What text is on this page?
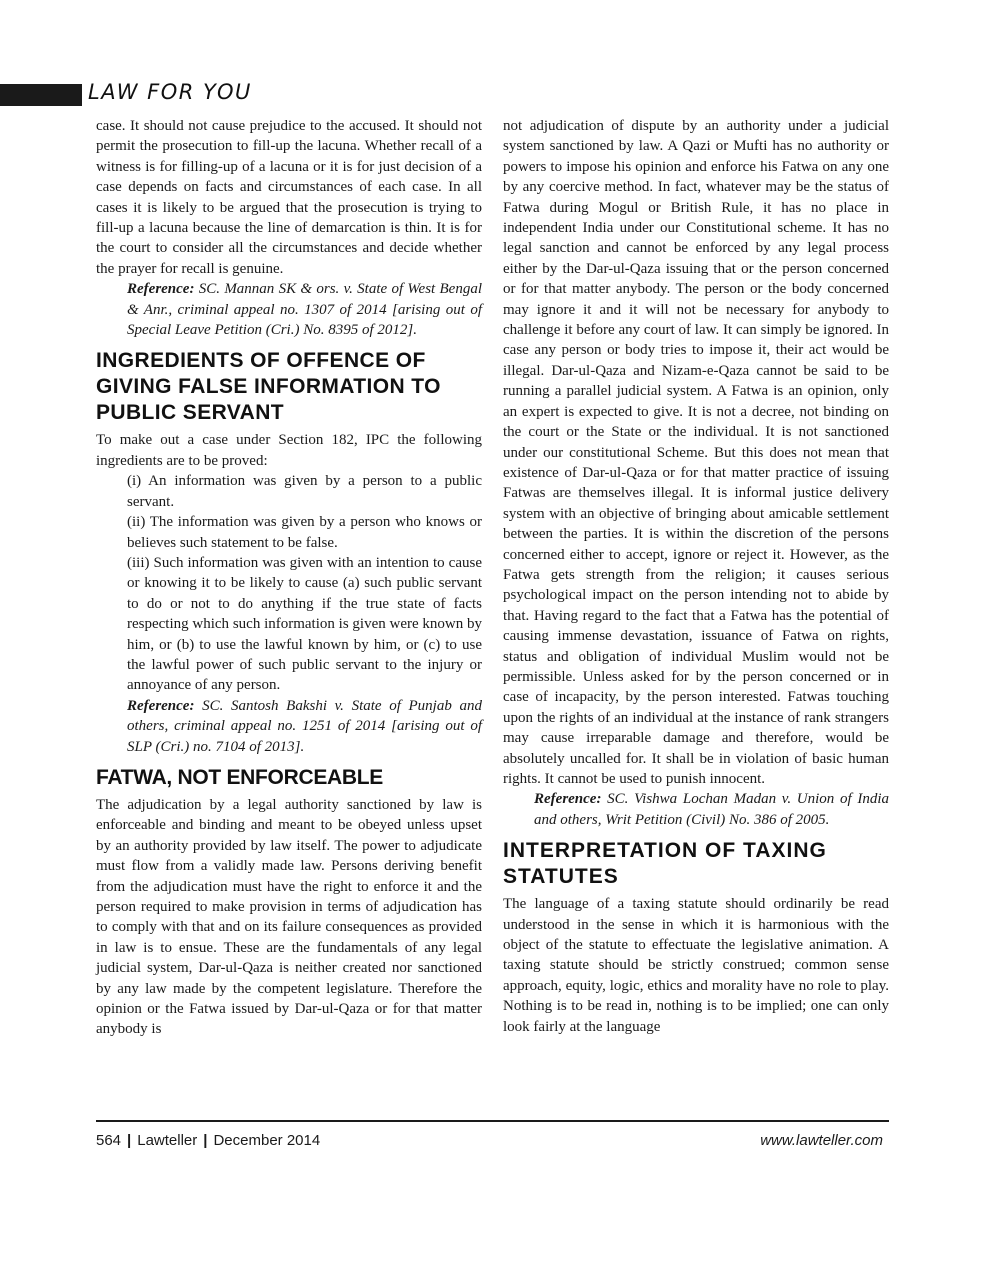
LAW FOR YOU

case. It should not cause prejudice to the accused. It should not permit the prosecution to fill-up the lacuna. Whether recall of a witness is for filling-up of a lacuna or it is for just decision of a case depends on facts and circumstances of each case. In all cases it is likely to be argued that the prosecution is trying to fill-up a lacuna because the line of demarcation is thin. It is for the court to consider all the circumstances and decide whether the prayer for recall is genuine.

Reference: SC. Mannan SK & ors. v. State of West Bengal & Anr., criminal appeal no. 1307 of 2014 [arising out of Special Leave Petition (Cri.) No. 8395 of 2012].

INGREDIENTS OF OFFENCE OF GIVING FALSE INFORMATION TO PUBLIC SERVANT

To make out a case under Section 182, IPC the following ingredients are to be proved:

(i) An information was given by a person to a public servant.

(ii) The information was given by a person who knows or believes such statement to be false.

(iii) Such information was given with an intention to cause or knowing it to be likely to cause (a) such public servant to do or not to do anything if the true state of facts respecting which such information is given were known by him, or (b) to use the lawful known by him, or (c) to use the lawful power of such public servant to the injury or annoyance of any person.

Reference: SC. Santosh Bakshi v. State of Punjab and others, criminal appeal no. 1251 of 2014 [arising out of SLP (Cri.) no. 7104 of 2013].

FATWA, NOT ENFORCEABLE

The adjudication by a legal authority sanctioned by law is enforceable and binding and meant to be obeyed unless upset by an authority provided by law itself. The power to adjudicate must flow from a validly made law. Persons deriving benefit from the adjudication must have the right to enforce it and the person required to make provision in terms of adjudication has to comply with that and on its failure consequences as provided in law is to ensue. These are the fundamentals of any legal judicial system, Dar-ul-Qaza is neither created nor sanctioned by any law made by the competent legislature. Therefore the opinion or the Fatwa issued by Dar-ul-Qaza or for that matter anybody is

not adjudication of dispute by an authority under a judicial system sanctioned by law. A Qazi or Mufti has no authority or powers to impose his opinion and enforce his Fatwa on any one by any coercive method. In fact, whatever may be the status of Fatwa during Mogul or British Rule, it has no place in independent India under our Constitutional scheme. It has no legal sanction and cannot be enforced by any legal process either by the Dar-ul-Qaza issuing that or the person concerned or for that matter anybody. The person or the body concerned may ignore it and it will not be necessary for anybody to challenge it before any court of law. It can simply be ignored. In case any person or body tries to impose it, their act would be illegal. Dar-ul-Qaza and Nizam-e-Qaza cannot be said to be running a parallel judicial system. A Fatwa is an opinion, only an expert is expected to give. It is not a decree, not binding on the court or the State or the individual. It is not sanctioned under our constitutional Scheme. But this does not mean that existence of Dar-ul-Qaza or for that matter practice of issuing Fatwas are themselves illegal. It is informal justice delivery system with an objective of bringing about amicable settlement between the parties. It is within the discretion of the persons concerned either to accept, ignore or reject it. However, as the Fatwa gets strength from the religion; it causes serious psychological impact on the person intending not to abide by that. Having regard to the fact that a Fatwa has the potential of causing immense devastation, issuance of Fatwa on rights, status and obligation of individual Muslim would not be permissible. Unless asked for by the person concerned or in case of incapacity, by the person interested. Fatwas touching upon the rights of an individual at the instance of rank strangers may cause irreparable damage and therefore, would be absolutely uncalled for. It shall be in violation of basic human rights. It cannot be used to punish innocent.

Reference: SC. Vishwa Lochan Madan v. Union of India and others, Writ Petition (Civil) No. 386 of 2005.

INTERPRETATION OF TAXING STATUTES

The language of a taxing statute should ordinarily be read understood in the sense in which it is harmonious with the object of the statute to effectuate the legislative animation. A taxing statute should be strictly construed; common sense approach, equity, logic, ethics and morality have no role to play. Nothing is to be read in, nothing is to be implied; one can only look fairly at the language

564 | Lawteller | December 2014	www.lawteller.com
